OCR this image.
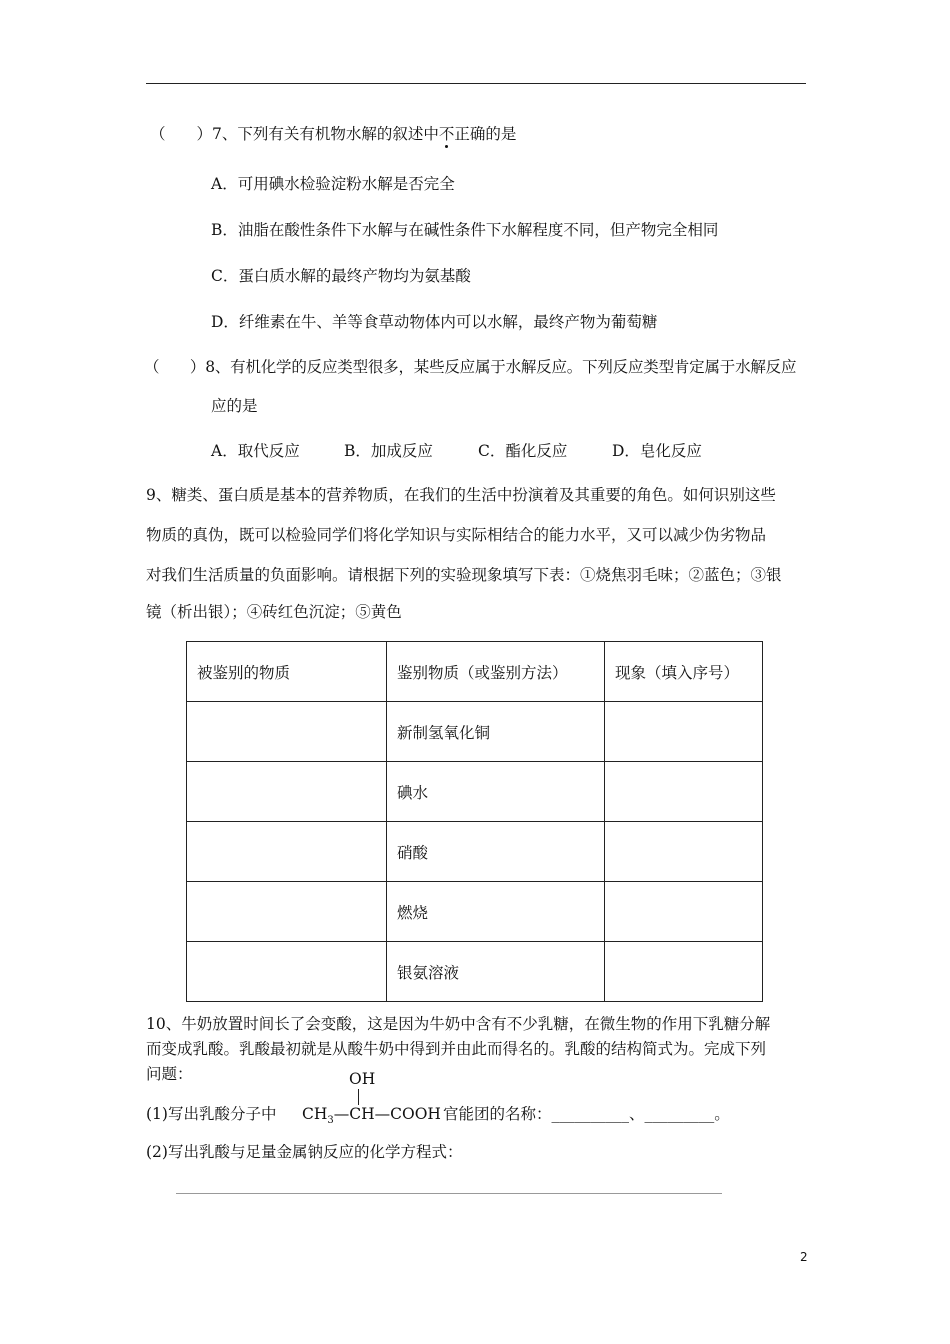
（　　）7、下列有关有机物水解的叙述中不正确的是
A．可用碘水检验淀粉水解是否完全
B．油脂在酸性条件下水解与在碱性条件下水解程度不同，但产物完全相同
C．蛋白质水解的最终产物均为氨基酸
D．纤维素在牛、羊等食草动物体内可以水解，最终产物为葡萄糖
（　　）8、有机化学的反应类型很多，某些反应属于水解反应。下列反应类型肯定属于水解反应
应的是
A．取代反应	B．加成反应	C．酯化反应	D．皂化反应
9、糖类、蛋白质是基本的营养物质，在我们的生活中扮演着及其重要的角色。如何识别这些
物质的真伪，既可以检验同学们将化学知识与实际相结合的能力水平，又可以减少伪劣物品
对我们生活质量的负面影响。请根据下列的实验现象填写下表：①烧焦羽毛味；②蓝色；③银
镜（析出银）；④砖红色沉淀；⑤黄色
被鉴别的物质	鉴别物质（或鉴别方法）	现象（填入序号）
	新制氢氧化铜	
	碘水	
	硝酸	
	燃烧	
	银氨溶液	
10、牛奶放置时间长了会变酸，这是因为牛奶中含有不少乳糖，在微生物的作用下乳糖分解
而变成乳酸。乳酸最初就是从酸牛奶中得到并由此而得名的。乳酸的结构简式为。完成下列
问题：	OH
(1)写出乳酸分子中 $CH_3—CH—COOH$ 官能团的名称：__________、_________。
(2)写出乳酸与足量金属钠反应的化学方程式：
2
